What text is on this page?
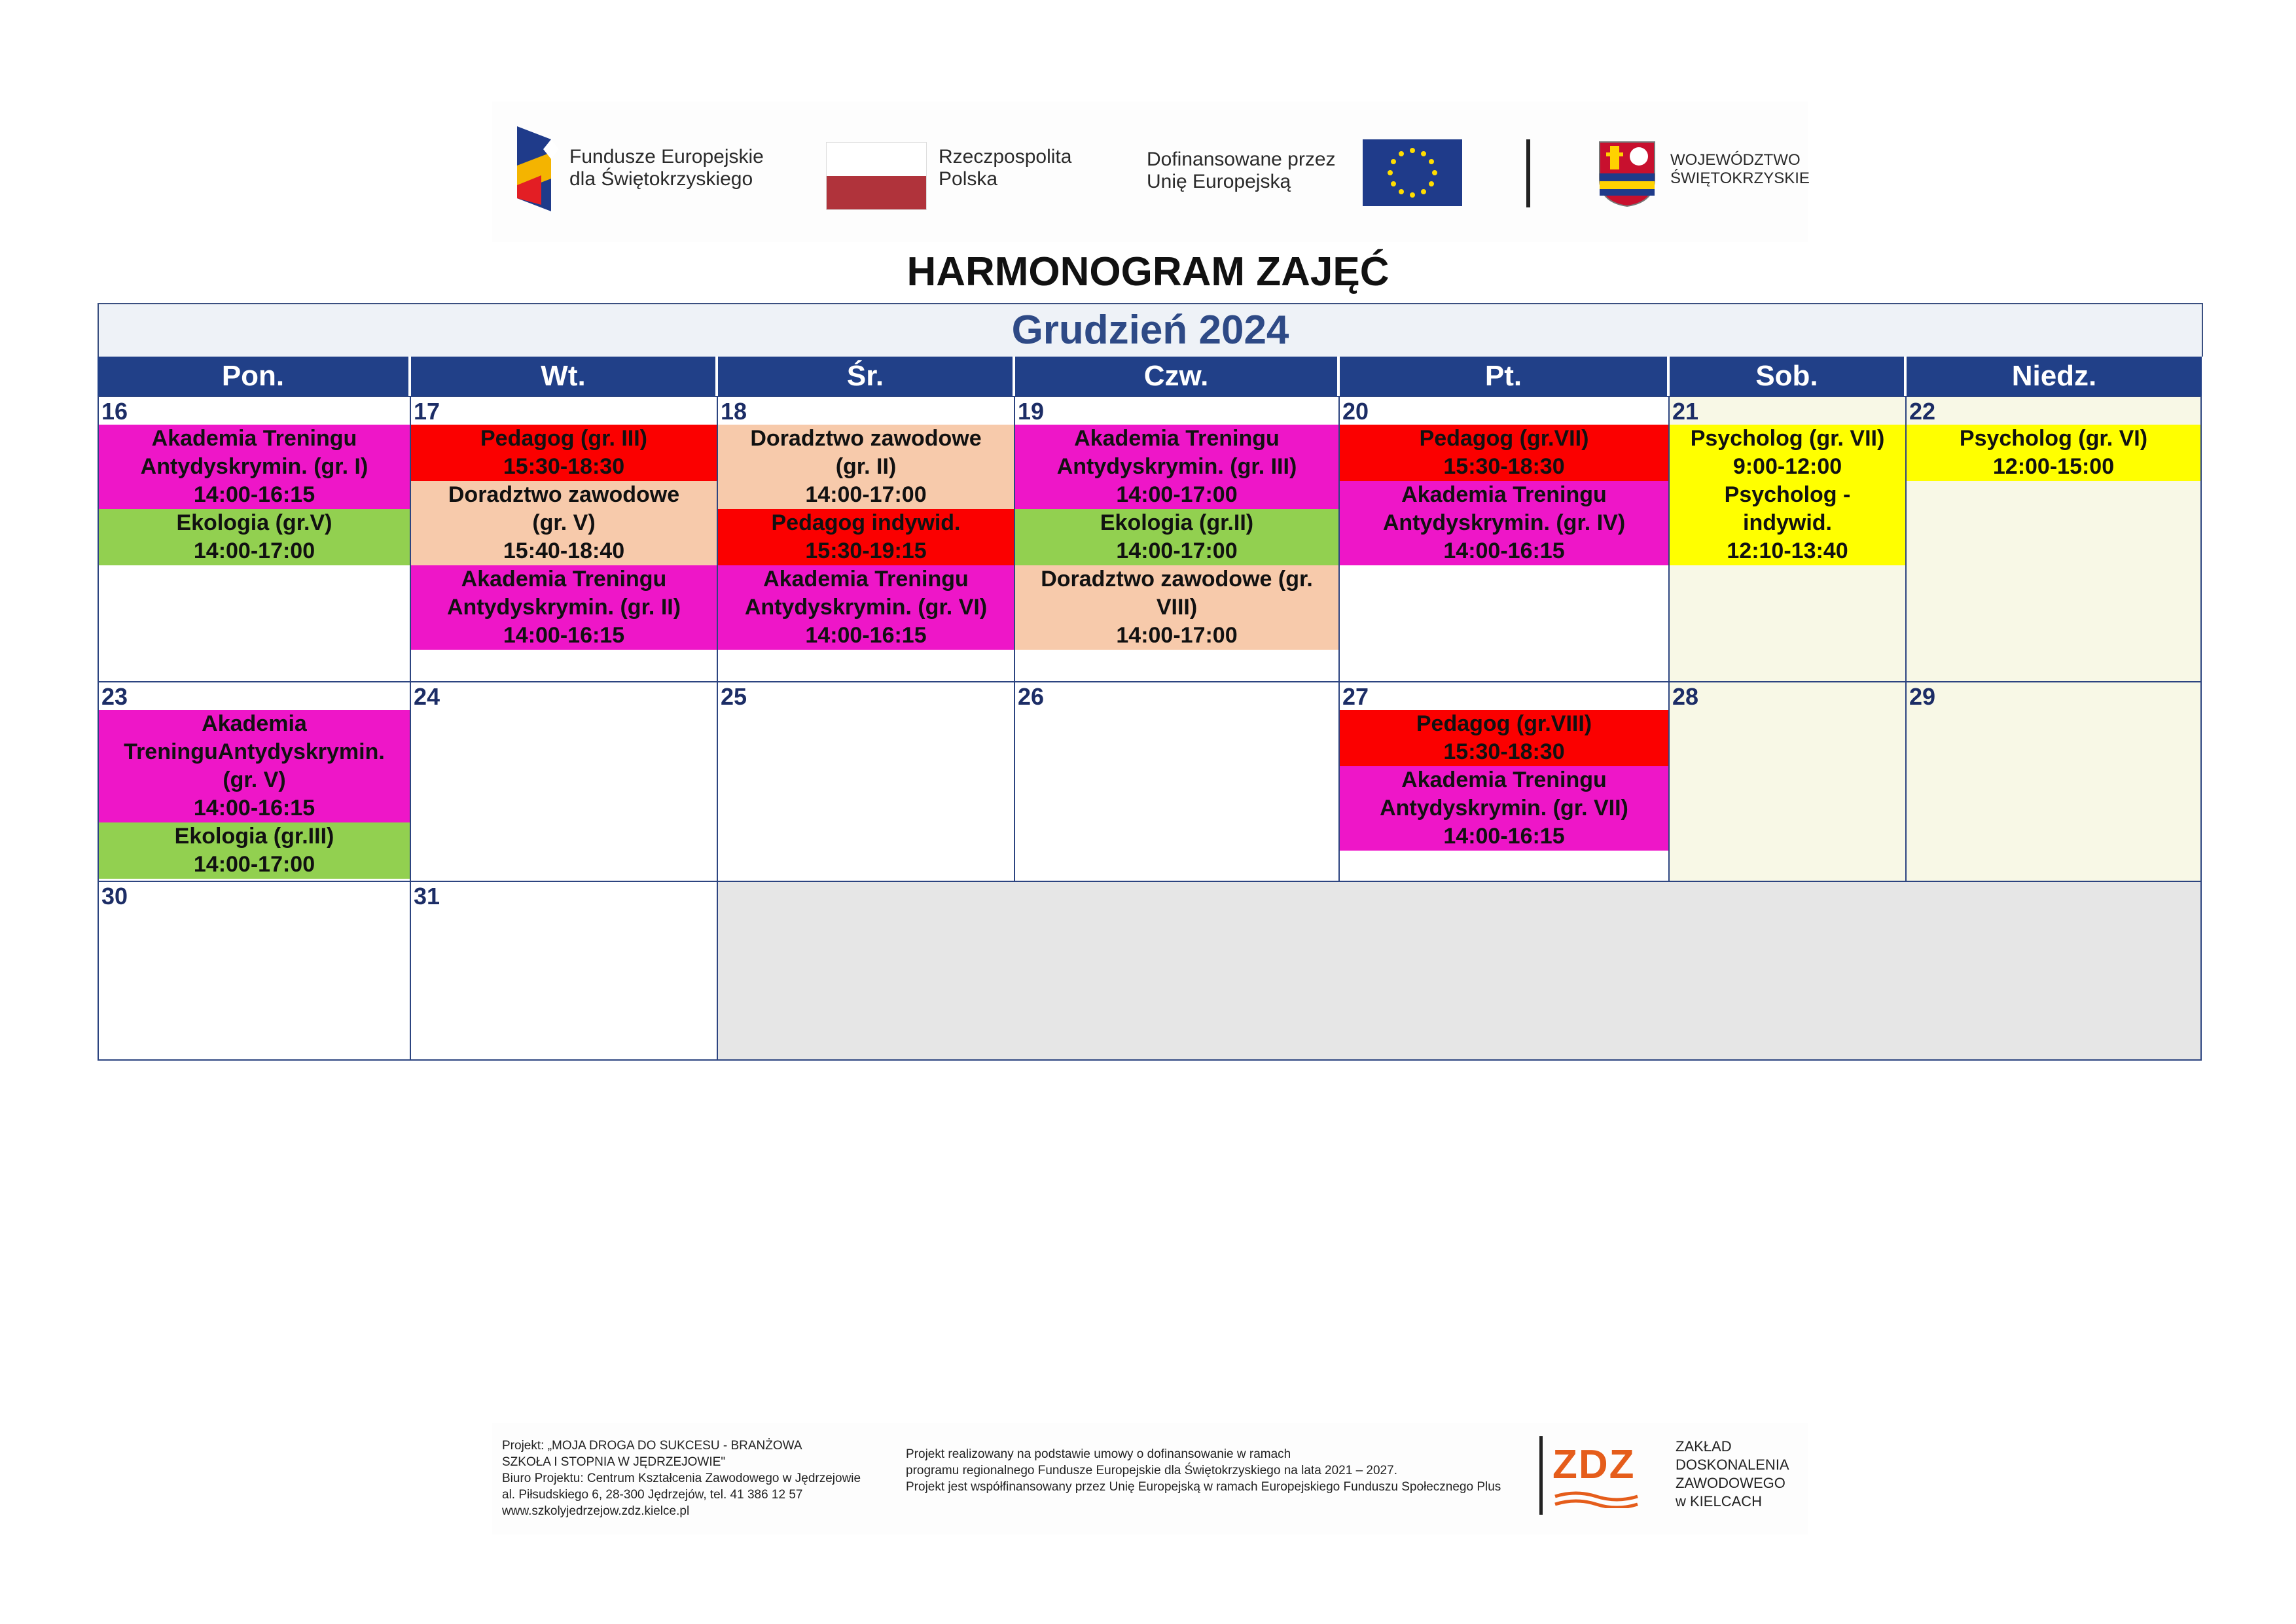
Fundusze Europejskie
dla Świętokrzyskiego
Rzeczpospolita
Polska
Dofinansowane przez
Unię Europejską
WOJEWÓDZTWO
ŚWIĘTOKRZYSKIE
HARMONOGRAM ZAJĘĆ
Grudzień 2024
Pon.	Wt.	Śr.	Czw.	Pt.	Sob.	Niedz.
16
Akademia Treningu
Antydyskrymin. (gr. I)
14:00-16:15
Ekologia (gr.V)
14:00-17:00
17
Pedagog (gr. III)
15:30-18:30
Doradztwo zawodowe
(gr. V)
15:40-18:40
Akademia Treningu
Antydyskrymin. (gr. II)
14:00-16:15
18
Doradztwo zawodowe
(gr. II)
14:00-17:00
Pedagog indywid.
15:30-19:15
Akademia Treningu
Antydyskrymin. (gr. VI)
14:00-16:15
19
Akademia Treningu
Antydyskrymin. (gr. III)
14:00-17:00
Ekologia (gr.II)
14:00-17:00
Doradztwo zawodowe (gr.
VIII)
14:00-17:00
20
Pedagog (gr.VII)
15:30-18:30
Akademia Treningu
Antydyskrymin. (gr. IV)
14:00-16:15
21
Psycholog (gr. VII)
9:00-12:00
Psycholog -
indywid.
12:10-13:40
22
Psycholog (gr. VI)
12:00-15:00
23
Akademia
TreninguAntydyskrymin.
(gr. V)
14:00-16:15
Ekologia (gr.III)
14:00-17:00
24	25	26	27
Pedagog (gr.VIII)
15:30-18:30
Akademia Treningu
Antydyskrymin. (gr. VII)
14:00-16:15
28	29
30	31
Projekt: „MOJA DROGA DO SUKCESU - BRANŻOWA
SZKOŁA I STOPNIA W JĘDRZEJOWIE"
Biuro Projektu: Centrum Kształcenia Zawodowego w Jędrzejowie
al. Piłsudskiego 6, 28-300 Jędrzejów, tel. 41 386 12 57
www.szkolyjedrzejow.zdz.kielce.pl
Projekt realizowany na podstawie umowy o dofinansowanie w ramach
programu regionalnego Fundusze Europejskie dla Świętokrzyskiego na lata 2021 – 2027.
Projekt jest współfinansowany przez Unię Europejską w ramach Europejskiego Funduszu Społecznego Plus ZDZ	ZAKŁAD
DOSKONALENIA
ZAWODOWEGO
w KIELCACH
